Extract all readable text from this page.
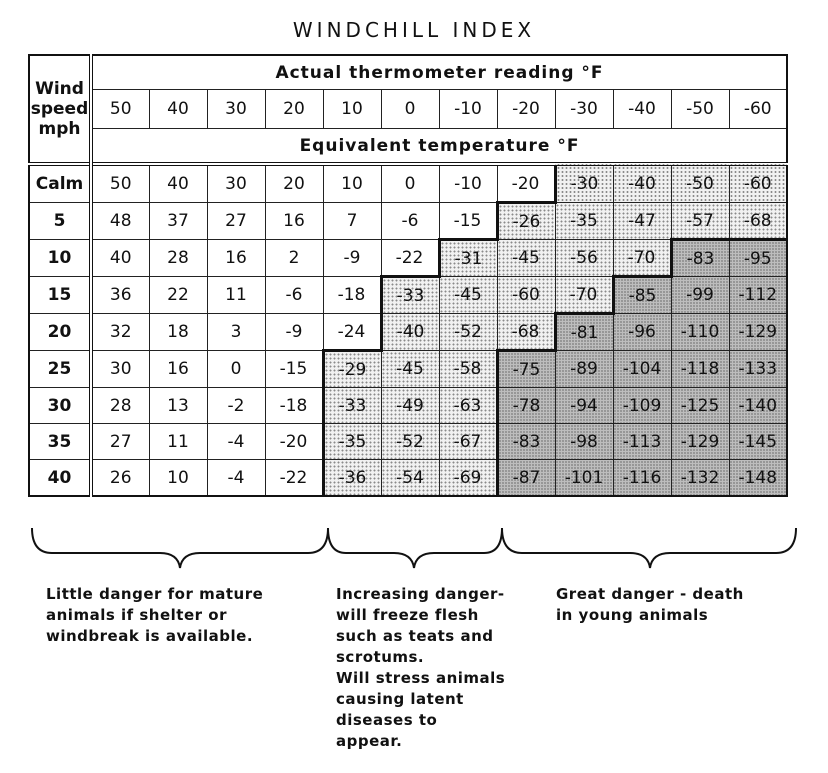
WINDCHILL INDEX
Wind
speed
mph	Actual thermometer reading °F											
	50	40	30	20	10	0	-10	-20	-30	-40	-50	-60
	Equivalent temperature °F											
Calm	50	40	30	20	10	0	-10	-20	-30	-40	-50	-60
5	48	37	27	16	7	-6	-15	-26	-35	-47	-57	-68
10	40	28	16	2	-9	-22	-31	-45	-56	-70	-83	-95
15	36	22	11	-6	-18	-33	-45	-60	-70	-85	-99	-112
20	32	18	3	-9	-24	-40	-52	-68	-81	-96	-110	-129
25	30	16	0	-15	-29	-45	-58	-75	-89	-104	-118	-133
30	28	13	-2	-18	-33	-49	-63	-78	-94	-109	-125	-140
35	27	11	-4	-20	-35	-52	-67	-83	-98	-113	-129	-145
40	26	10	-4	-22	-36	-54	-69	-87	-101	-116	-132	-148
Little danger for mature
animals if shelter or
windbreak is available.
Increasing danger-
will freeze flesh
such as teats and
scrotums.
Will stress animals
causing latent
diseases to
appear.
Great danger - death
in young animals
